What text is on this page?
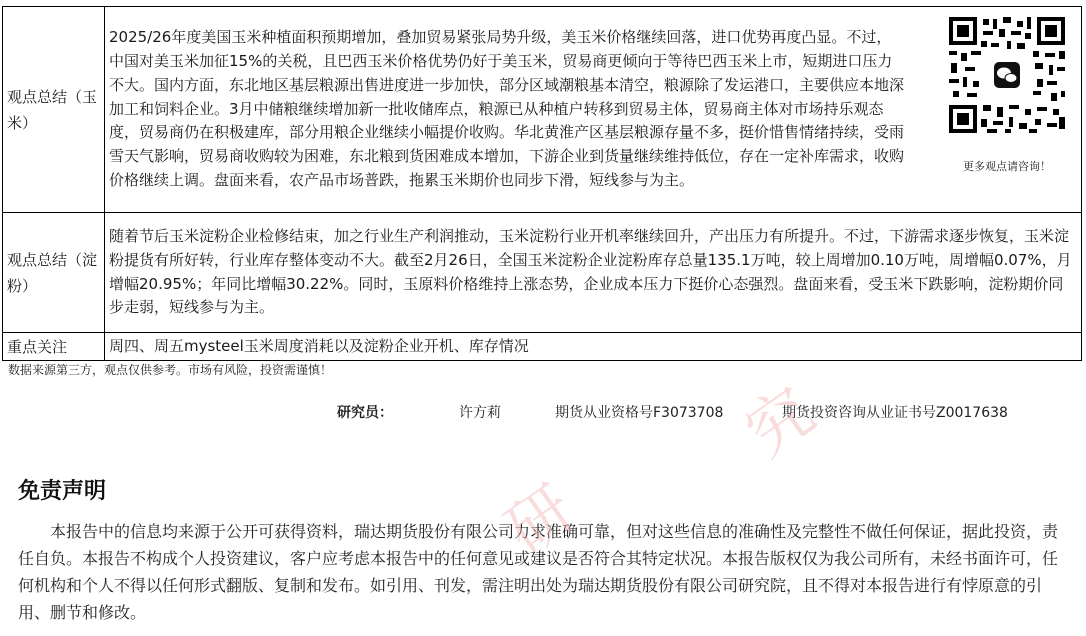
观点总结（玉米）	2025/26年度美国玉米种植面积预期增加，叠加贸易紧张局势升级，美玉米价格继续回落，进口优势再度凸显。不过，中国对美玉米加征15%的关税，且巴西玉米价格优势仍好于美玉米，贸易商更倾向于等待巴西玉米上市，短期进口压力不大。国内方面，东北地区基层粮源出售进度进一步加快，部分区域潮粮基本清空，粮源除了发运港口，主要供应本地深加工和饲料企业。3月中储粮继续增加新一批收储库点，粮源已从种植户转移到贸易主体，贸易商主体对市场持乐观态度，贸易商仍在积极建库，部分用粮企业继续小幅提价收购。华北黄淮产区基层粮源存量不多，挺价惜售情绪持续，受雨雪天气影响，贸易商收购较为困难，东北粮到货困难成本增加，下游企业到货量继续维持低位，存在一定补库需求，收购价格继续上调。盘面来看，农产品市场普跌，拖累玉米期价也同步下滑，短线参与为主。
更多观点请咨询！

观点总结（淀粉）	随着节后玉米淀粉企业检修结束，加之行业生产利润推动，玉米淀粉行业开机率继续回升，产出压力有所提升。不过，下游需求逐步恢复，玉米淀粉提货有所好转，行业库存整体变动不大。截至2月26日，全国玉米淀粉企业淀粉库存总量135.1万吨，较上周增加0.10万吨，周增幅0.07%，月增幅20.95%；年同比增幅30.22%。同时，玉原料价格维持上涨态势，企业成本压力下挺价心态强烈。盘面来看，受玉米下跌影响，淀粉期价同步走弱，短线参与为主。
重点关注	周四、周五mysteel玉米周度消耗以及淀粉企业开机、库存情况
数据来源第三方，观点仅供参考。市场有风险，投资需谨慎！
研究员：	许方莉	期货从业资格号F3073708	期货投资咨询从业证书号Z0017638
免责声明

本报告中的信息均来源于公开可获得资料，瑞达期货股份有限公司力求准确可靠，但对这些信息的准确性及完整性不做任何保证，据此投资，责任自负。本报告不构成个人投资建议，客户应考虑本报告中的任何意见或建议是否符合其特定状况。本报告版权仅为我公司所有，未经书面许可，任何机构和个人不得以任何形式翻版、复制和发布。如引用、刊发，需注明出处为瑞达期货股份有限公司研究院，且不得对本报告进行有悖原意的引用、删节和修改。

研
究
